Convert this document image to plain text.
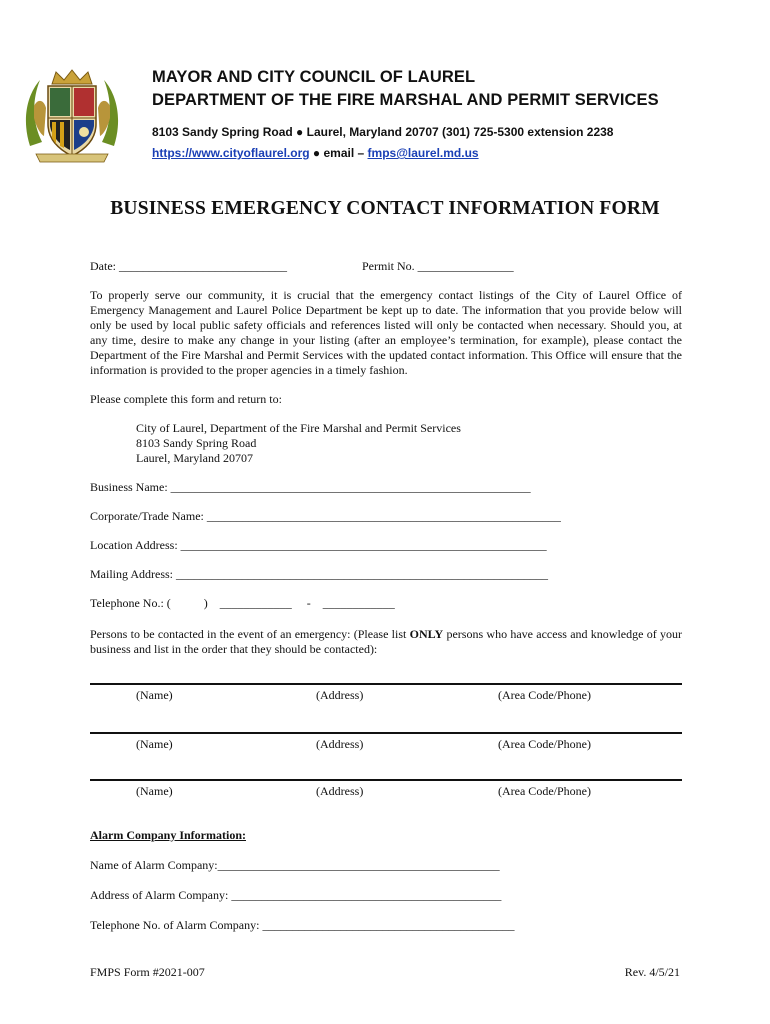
MAYOR AND CITY COUNCIL OF LAUREL
DEPARTMENT OF THE FIRE MARSHAL AND PERMIT SERVICES
8103 Sandy Spring Road ● Laurel, Maryland 20707 (301) 725-5300 extension 2238
https://www.cityoflaurel.org ● email – fmps@laurel.md.us
BUSINESS EMERGENCY CONTACT INFORMATION FORM
Date: ____________________________	Permit No. ________________
To properly serve our community, it is crucial that the emergency contact listings of the City of Laurel Office of Emergency Management and Laurel Police Department be kept up to date. The information that you provide below will only be used by local public safety officials and references listed will only be contacted when necessary. Should you, at any time, desire to make any change in your listing (after an employee’s termination, for example), please contact the Department of the Fire Marshal and Permit Services with the updated contact information. This Office will ensure that the information is provided to the proper agencies in a timely fashion.
Please complete this form and return to:
City of Laurel, Department of the Fire Marshal and Permit Services
8103 Sandy Spring Road
Laurel, Maryland 20707
Business Name: ____________________________________________________________
Corporate/Trade Name: ___________________________________________________________
Location Address: _____________________________________________________________
Mailing Address: ______________________________________________________________
Telephone No.: (           )    ____________     -    ____________
Persons to be contacted in the event of an emergency: (Please list ONLY persons who have access and knowledge of your business and list in the order that they should be contacted):
(Name)	(Address)	(Area Code/Phone)
(Name)	(Address)	(Area Code/Phone)
(Name)	(Address)	(Area Code/Phone)
Alarm Company Information:
Name of Alarm Company:_______________________________________________
Address of Alarm Company: _____________________________________________
Telephone No. of Alarm Company: __________________________________________
FMPS Form #2021-007	Rev. 4/5/21
